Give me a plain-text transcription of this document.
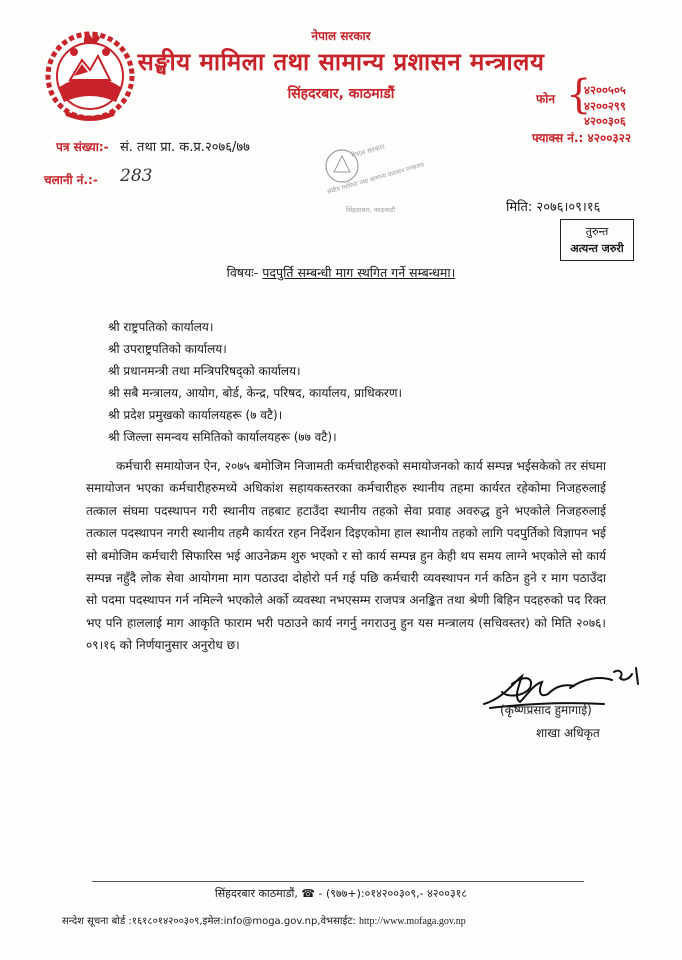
नेपाल सरकार
सङ्घीय मामिला तथा सामान्य प्रशासन मन्त्रालय
सिंहदरबार, काठमाडौं	फोन {
४२००५०५
४२००२९९
४२००३०६
फ्याक्स नं.: ४२००३२२
पत्र संख्या:- सं. तथा प्रा. क.प्र.२०७६/७७
चलानी नं.:- 283
नेपाल सरकार
संघीय मामिला तथा सामान्य प्रशासन मन्त्रालय
सिंहदरबार, काठमाडौं	मिति: २०७६।०९।१६
तुरुन्त
अत्यन्त जरुरी
विषयः- पदपुर्ति सम्बन्धी माग स्थगित गर्ने सम्बन्धमा।
श्री राष्ट्रपतिको कार्यालय।
श्री उपराष्ट्रपतिको कार्यालय।
श्री प्रधानमन्त्री तथा मन्त्रिपरिषद्को कार्यालय।
श्री सबै मन्त्रालय, आयोग, बोर्ड, केन्द्र, परिषद, कार्यालय, प्राधिकरण।
श्री प्रदेश प्रमुखको कार्यालयहरू (७ वटै)।
श्री जिल्ला समन्वय समितिको कार्यालयहरू (७७ वटै)।
कर्मचारी समायोजन ऐन, २०७५ बमोजिम निजामती कर्मचारीहरुको समायोजनको कार्य सम्पन्न भईसकेको तर संघमा समायोजन भएका कर्मचारीहरुमध्ये अधिकांश सहायकस्तरका कर्मचारीहरु स्थानीय तहमा कार्यरत रहेकोमा निजहरुलाई तत्काल संघमा पदस्थापन गरी स्थानीय तहबाट हटाउँदा स्थानीय तहको सेवा प्रवाह अवरुद्ध हुने भएकोले निजहरुलाई तत्काल पदस्थापन नगरी स्थानीय तहमै कार्यरत रहन निर्देशन दिइएकोमा हाल स्थानीय तहको लागि पदपुर्तिको विज्ञापन भई सो बमोजिम कर्मचारी सिफारिस भई आउनेक्रम शुरु भएको र सो कार्य सम्पन्न हुन केही थप समय लाग्ने भएकोले सो कार्य सम्पन्न नहुँदै लोक सेवा आयोगमा माग पठाउदा दोहोरो पर्न गई पछि कर्मचारी व्यवस्थापन गर्न कठिन हुने र माग पठाउँदा सो पदमा पदस्थापन गर्न नमिल्ने भएकोले अर्को व्यवस्था नभएसम्म राजपत्र अनङ्कित तथा श्रेणी बिहिन पदहरुको पद रिक्त भए पनि हाललाई माग आकृति फाराम भरी पठाउने कार्य नगर्नु नगराउनु हुन यस मन्त्रालय (सचिवस्तर) को मिति २०७६।०९।१६ को निर्णयानुसार अनुरोध छ।
(कृष्णप्रसाद हुमागाई)
शाखा अधिकृत
सिंहदरबार काठमाडौं, ☎ - (९७७+):०१४२००३०९,- ४२००३१८
सन्देश सूचना बोर्ड :१६१८०१४२००३०९,इमेल:info@moga.gov.np,वेभसाईट: http://www.mofaga.gov.np
